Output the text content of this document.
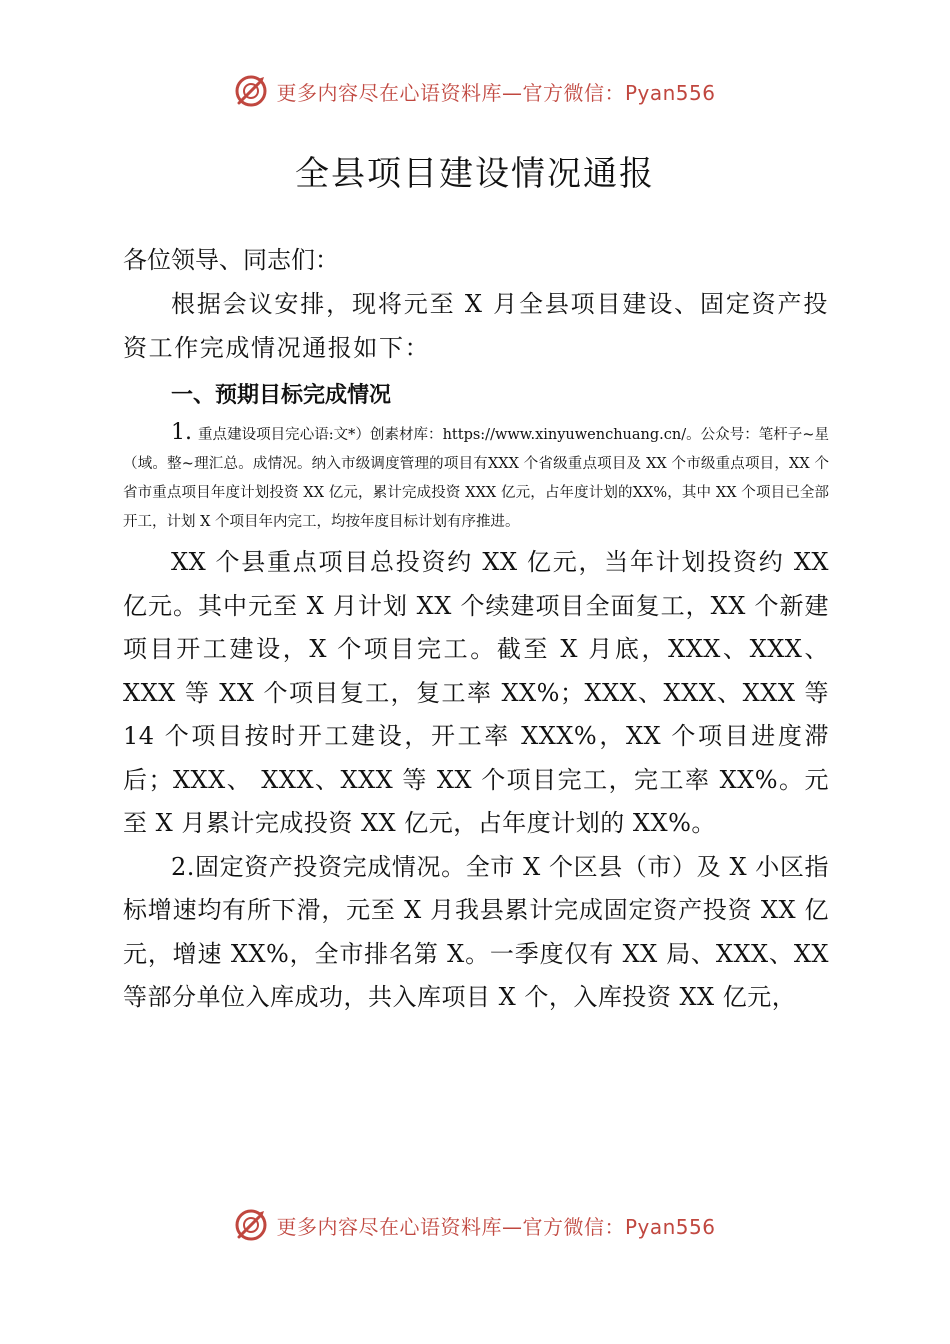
更多内容尽在心语资料库—官方微信：Pyan556
全县项目建设情况通报

各位领导、同志们：

根据会议安排，现将元至 X 月全县项目建设、固定资产投资工作完成情况通报如下：

一、预期目标完成情况

1. 重点建设项目完心语:文*）创素材库：https://www.xinyuwenchuang.cn/。公众号：笔杆子~星（域。整~理汇总。成情况。纳入市级调度管理的项目有XXX 个省级重点项目及 XX 个市级重点项目，XX 个省市重点项目年度计划投资 XX 亿元，累计完成投资 XXX 亿元，占年度计划的XX%，其中 XX 个项目已全部开工，计划 X 个项目年内完工，均按年度目标计划有序推进。

XX 个县重点项目总投资约 XX 亿元，当年计划投资约 XX 亿元。其中元至 X 月计划 XX 个续建项目全面复工，XX 个新建项目开工建设，X 个项目完工。截至 X 月底，XXX、XXX、XXX 等 XX 个项目复工，复工率 XX%；XXX、XXX、XXX 等 14 个项目按时开工建设，开工率 XXX%，XX 个项目进度滞后；XXX、 XXX、XXX 等 XX 个项目完工，完工率 XX%。元至 X 月累计完成投资 XX 亿元，占年度计划的 XX%。

2.固定资产投资完成情况。全市 X 个区县（市）及 X 小区指标增速均有所下滑，元至 X 月我县累计完成固定资产投资 XX 亿元，增速 XX%，全市排名第 X。一季度仅有 XX 局、XXX、XX 等部分单位入库成功，共入库项目 X 个，入库投资 XX 亿元，

更多内容尽在心语资料库—官方微信：Pyan556
